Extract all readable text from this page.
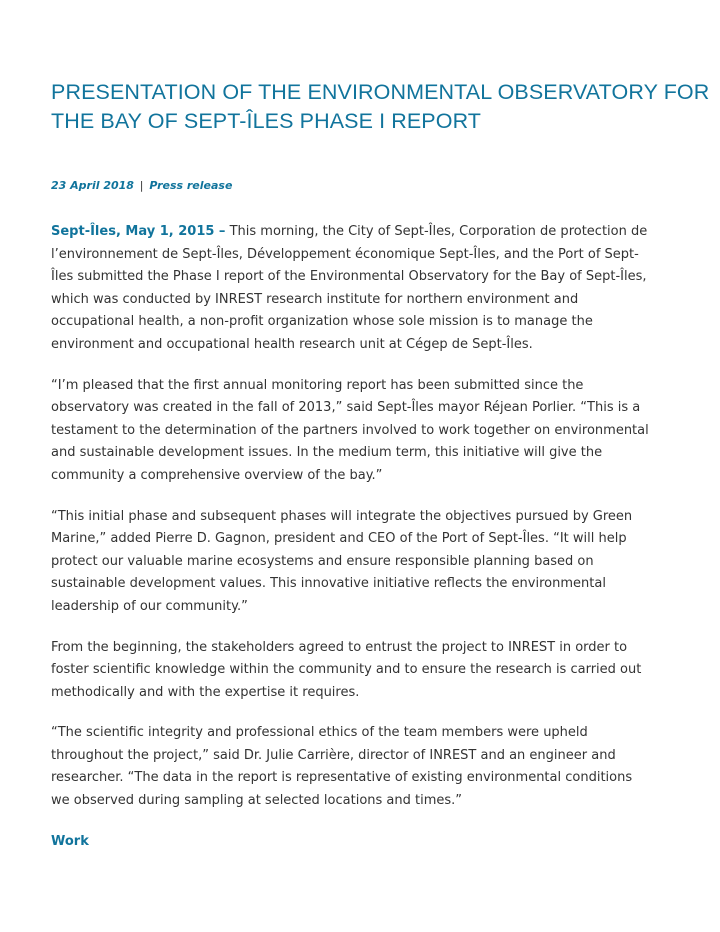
PRESENTATION OF THE ENVIRONMENTAL OBSERVATORY FOR
THE BAY OF SEPT-ÎLES PHASE I REPORT
23 April 2018 | Press release

Sept-Îles, May 1, 2015 – This morning, the City of Sept-Îles, Corporation de protection de l’environnement de Sept-Îles, Développement économique Sept-Îles, and the Port of Sept-Îles submitted the Phase I report of the Environmental Observatory for the Bay of Sept-Îles, which was conducted by INREST research institute for northern environment and occupational health, a non-profit organization whose sole mission is to manage the environment and occupational health research unit at Cégep de Sept-Îles.

“I’m pleased that the first annual monitoring report has been submitted since the observatory was created in the fall of 2013,” said Sept-Îles mayor Réjean Porlier. “This is a testament to the determination of the partners involved to work together on environmental and sustainable development issues. In the medium term, this initiative will give the community a comprehensive overview of the bay.”

“This initial phase and subsequent phases will integrate the objectives pursued by Green Marine,” added Pierre D. Gagnon, president and CEO of the Port of Sept-Îles. “It will help protect our valuable marine ecosystems and ensure responsible planning based on sustainable development values. This innovative initiative reflects the environmental leadership of our community.”

From the beginning, the stakeholders agreed to entrust the project to INREST in order to foster scientific knowledge within the community and to ensure the research is carried out methodically and with the expertise it requires.

“The scientific integrity and professional ethics of the team members were upheld throughout the project,” said Dr. Julie Carrière, director of INREST and an engineer and researcher. “The data in the report is representative of existing environmental conditions we observed during sampling at selected locations and times.”

Work
